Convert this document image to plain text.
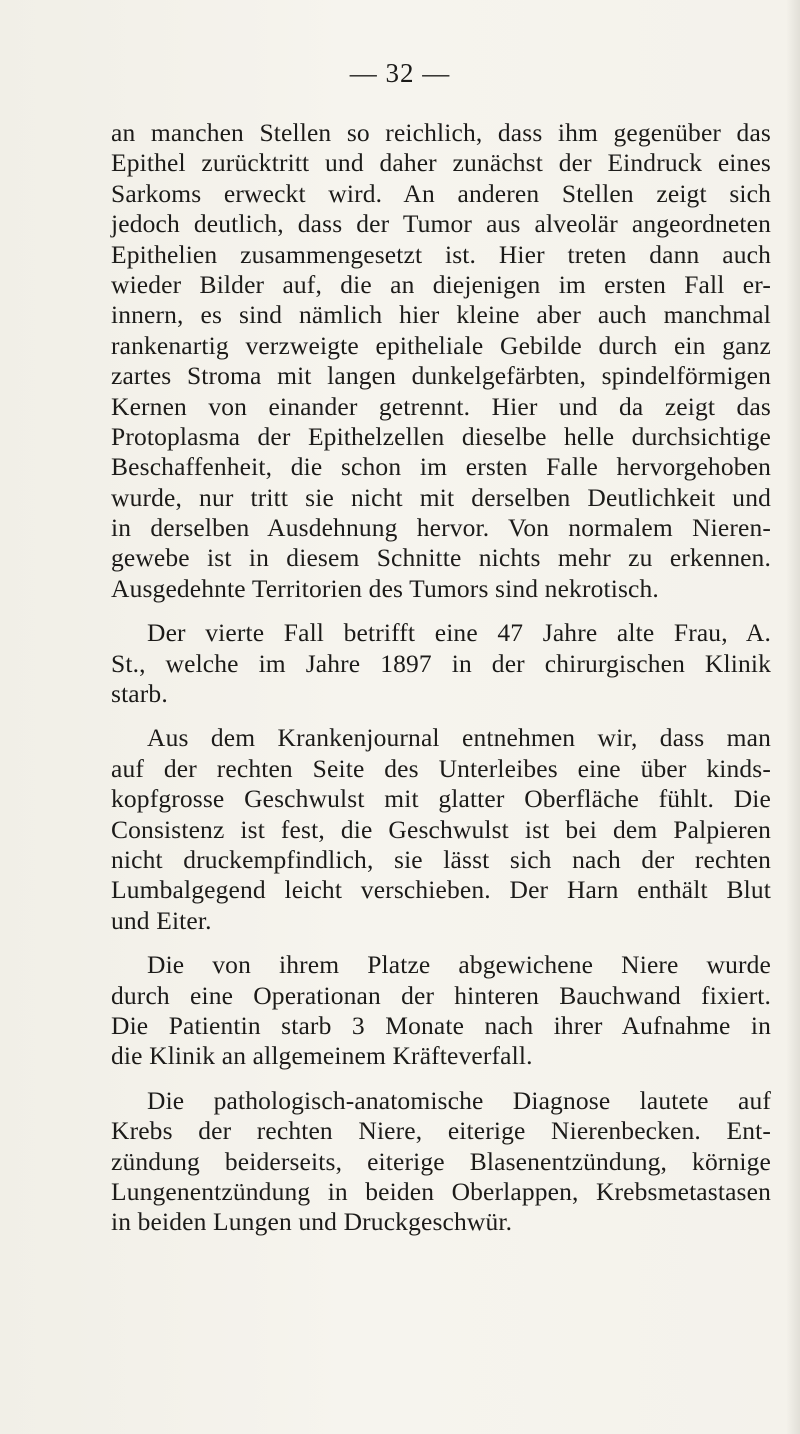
— 32 —
an manchen Stellen so reichlich, dass ihm gegenüber das
Epithel zurücktritt und daher zunächst der Eindruck eines
Sarkoms erweckt wird. An anderen Stellen zeigt sich
jedoch deutlich, dass der Tumor aus alveolär angeordneten
Epithelien zusammengesetzt ist. Hier treten dann auch
wieder Bilder auf, die an diejenigen im ersten Fall er-
innern, es sind nämlich hier kleine aber auch manchmal
rankenartig verzweigte epitheliale Gebilde durch ein ganz
zartes Stroma mit langen dunkelgefärbten, spindelförmigen
Kernen von einander getrennt. Hier und da zeigt das
Protoplasma der Epithelzellen dieselbe helle durchsichtige
Beschaffenheit, die schon im ersten Falle hervorgehoben
wurde, nur tritt sie nicht mit derselben Deutlichkeit und
in derselben Ausdehnung hervor. Von normalem Nieren-
gewebe ist in diesem Schnitte nichts mehr zu erkennen.
Ausgedehnte Territorien des Tumors sind nekrotisch.
Der vierte Fall betrifft eine 47 Jahre alte Frau, A.
St., welche im Jahre 1897 in der chirurgischen Klinik
starb.
Aus dem Krankenjournal entnehmen wir, dass man
auf der rechten Seite des Unterleibes eine über kinds-
kopfgrosse Geschwulst mit glatter Oberfläche fühlt. Die
Consistenz ist fest, die Geschwulst ist bei dem Palpieren
nicht druckempfindlich, sie lässt sich nach der rechten
Lumbalgegend leicht verschieben. Der Harn enthält Blut
und Eiter.
Die von ihrem Platze abgewichene Niere wurde
durch eine Operationan der hinteren Bauchwand fixiert.
Die Patientin starb 3 Monate nach ihrer Aufnahme in
die Klinik an allgemeinem Kräfteverfall.
Die pathologisch-anatomische Diagnose lautete auf
Krebs der rechten Niere, eiterige Nierenbecken. Ent-
zündung beiderseits, eiterige Blasenentzündung, körnige
Lungenentzündung in beiden Oberlappen, Krebsmetastasen
in beiden Lungen und Druckgeschwür.
